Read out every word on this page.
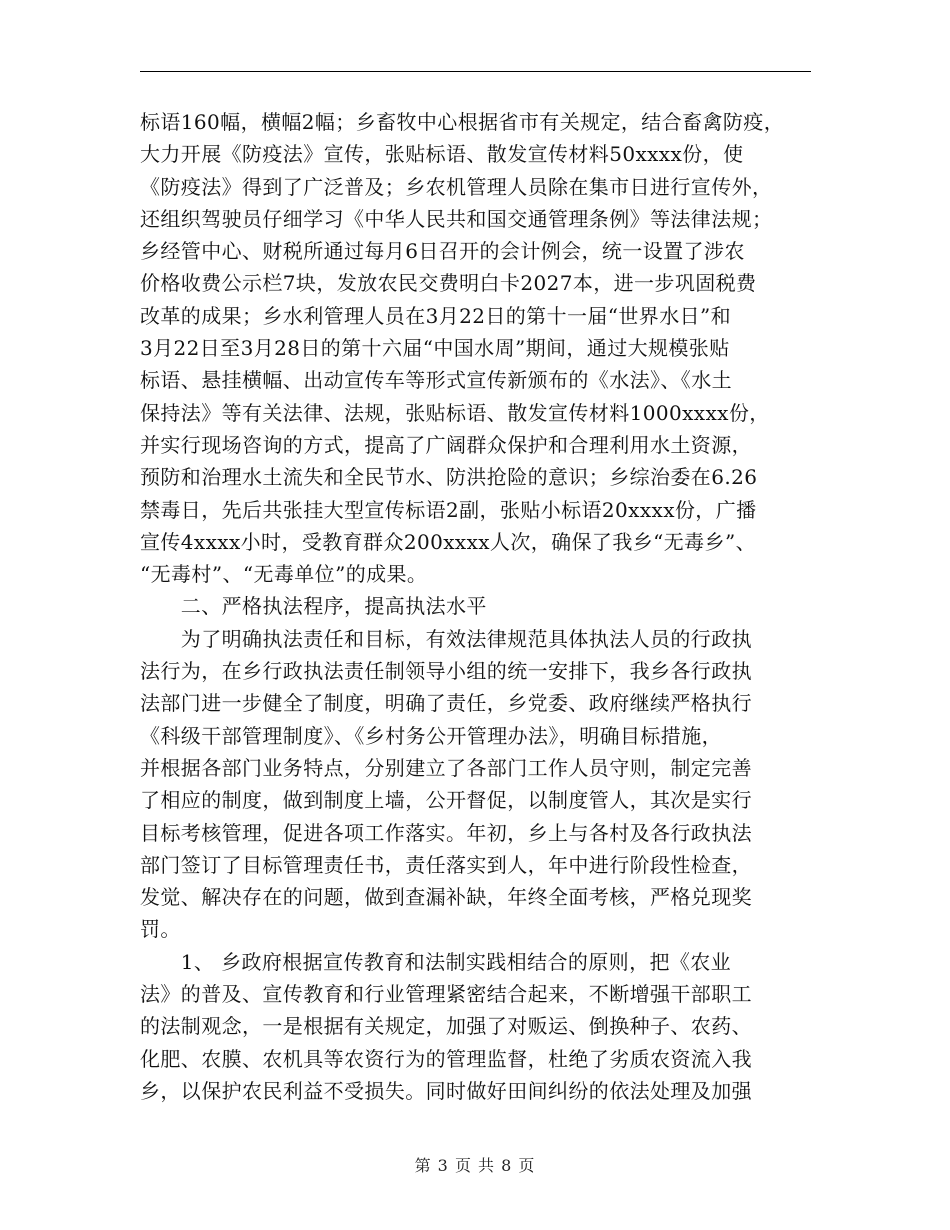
标语160幅，横幅2幅；乡畜牧中心根据省市有关规定，结合畜禽防疫，
大力开展《防疫法》宣传，张贴标语、散发宣传材料50xxxx份，使
《防疫法》得到了广泛普及；乡农机管理人员除在集市日进行宣传外，
还组织驾驶员仔细学习《中华人民共和国交通管理条例》等法律法规；
乡经管中心、财税所通过每月6日召开的会计例会，统一设置了涉农
价格收费公示栏7块，发放农民交费明白卡2027本，进一步巩固税费
改革的成果；乡水利管理人员在3月22日的第十一届“世界水日”和
3月22日至3月28日的第十六届“中国水周”期间，通过大规模张贴
标语、悬挂横幅、出动宣传车等形式宣传新颁布的《水法》、《水土
保持法》等有关法律、法规，张贴标语、散发宣传材料1000xxxx份，
并实行现场咨询的方式，提高了广阔群众保护和合理利用水土资源，
预防和治理水土流失和全民节水、防洪抢险的意识；乡综治委在6.26
禁毒日，先后共张挂大型宣传标语2副，张贴小标语20xxxx份，广播
宣传4xxxx小时，受教育群众200xxxx人次，确保了我乡“无毒乡”、
“无毒村”、“无毒单位”的成果。
　　二、严格执法程序，提高执法水平
　　为了明确执法责任和目标，有效法律规范具体执法人员的行政执
法行为，在乡行政执法责任制领导小组的统一安排下，我乡各行政执
法部门进一步健全了制度，明确了责任，乡党委、政府继续严格执行
《科级干部管理制度》、《乡村务公开管理办法》，明确目标措施，
并根据各部门业务特点，分别建立了各部门工作人员守则，制定完善
了相应的制度，做到制度上墙，公开督促，以制度管人，其次是实行
目标考核管理，促进各项工作落实。年初，乡上与各村及各行政执法
部门签订了目标管理责任书，责任落实到人，年中进行阶段性检查，
发觉、解决存在的问题，做到查漏补缺，年终全面考核，严格兑现奖
罚。
　　1、 乡政府根据宣传教育和法制实践相结合的原则，把《农业
法》的普及、宣传教育和行业管理紧密结合起来，不断增强干部职工
的法制观念，一是根据有关规定，加强了对贩运、倒换种子、农药、
化肥、农膜、农机具等农资行为的管理监督，杜绝了劣质农资流入我
乡，以保护农民利益不受损失。同时做好田间纠纷的依法处理及加强
第 3 页 共 8 页
